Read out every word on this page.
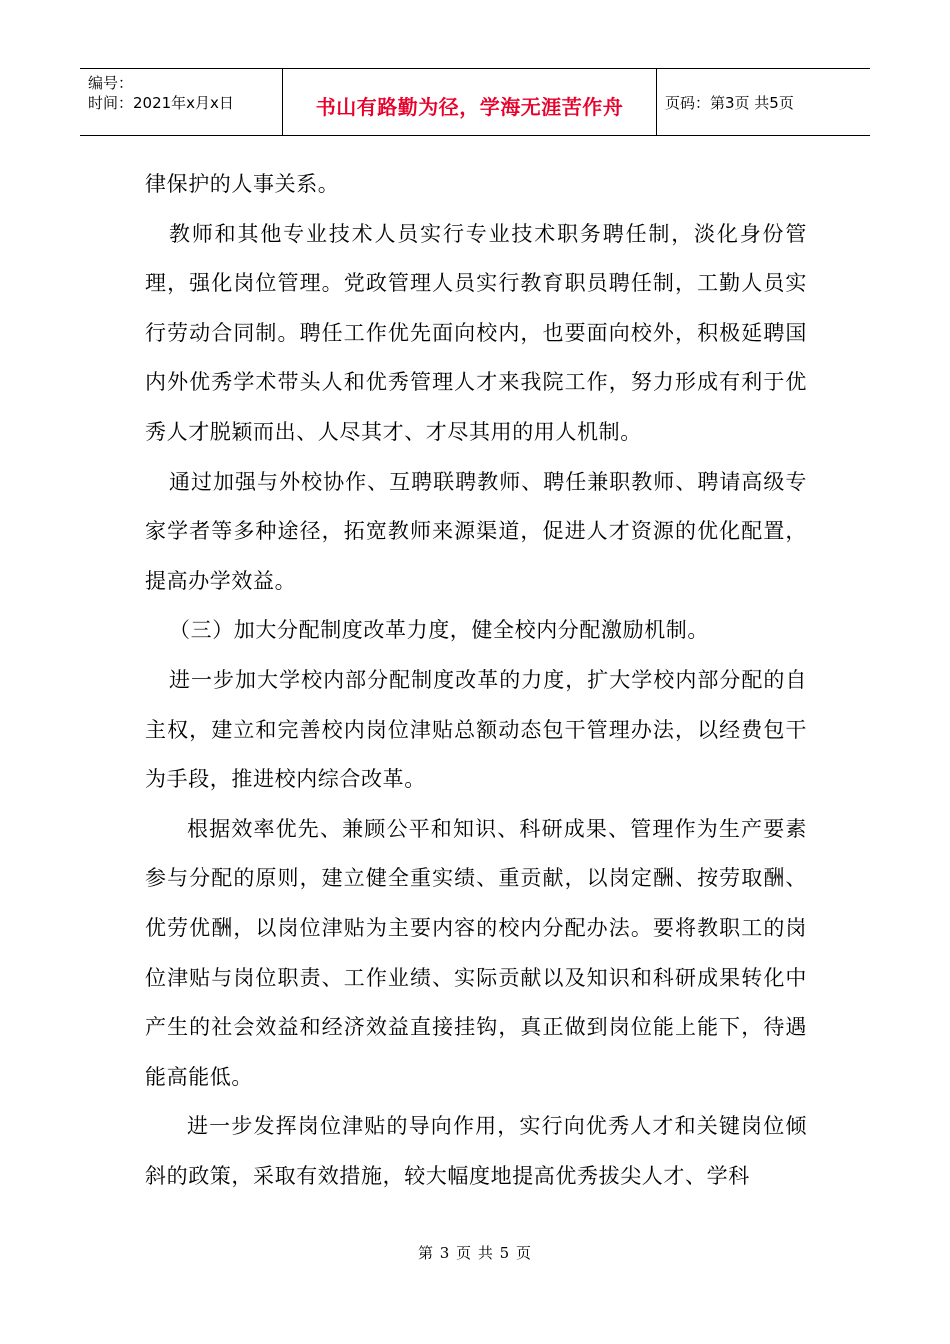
编号：
时间：2021年x月x日	书山有路勤为径，学海无涯苦作舟	页码：第3页 共5页

律保护的人事关系。

教师和其他专业技术人员实行专业技术职务聘任制，淡化身份管理，强化岗位管理。党政管理人员实行教育职员聘任制，工勤人员实行劳动合同制。聘任工作优先面向校内，也要面向校外，积极延聘国内外优秀学术带头人和优秀管理人才来我院工作，努力形成有利于优秀人才脱颖而出、人尽其才、才尽其用的用人机制。

通过加强与外校协作、互聘联聘教师、聘任兼职教师、聘请高级专家学者等多种途径，拓宽教师来源渠道，促进人才资源的优化配置，提高办学效益。

（三）加大分配制度改革力度，健全校内分配激励机制。

进一步加大学校内部分配制度改革的力度，扩大学校内部分配的自主权，建立和完善校内岗位津贴总额动态包干管理办法，以经费包干为手段，推进校内综合改革。

根据效率优先、兼顾公平和知识、科研成果、管理作为生产要素参与分配的原则，建立健全重实绩、重贡献，以岗定酬、按劳取酬、优劳优酬，以岗位津贴为主要内容的校内分配办法。要将教职工的岗位津贴与岗位职责、工作业绩、实际贡献以及知识和科研成果转化中产生的社会效益和经济效益直接挂钩，真正做到岗位能上能下，待遇能高能低。

进一步发挥岗位津贴的导向作用，实行向优秀人才和关键岗位倾斜的政策，采取有效措施，较大幅度地提高优秀拔尖人才、学科

第 3 页 共 5 页
